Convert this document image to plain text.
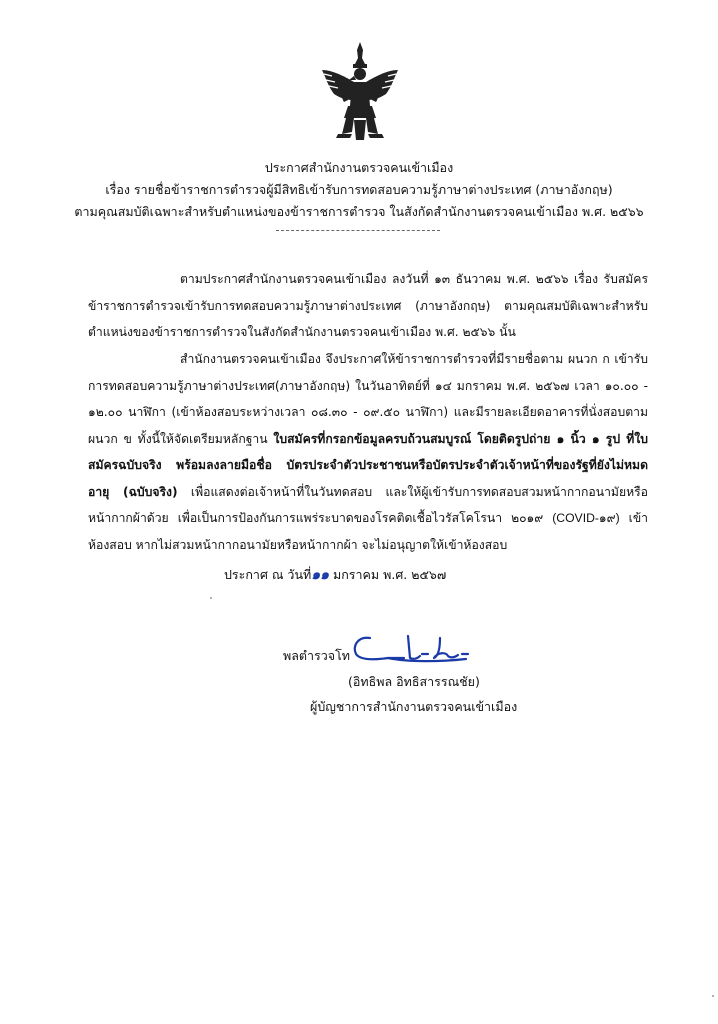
ประกาศสำนักงานตรวจคนเข้าเมือง
เรื่อง รายชื่อข้าราชการตำรวจผู้มีสิทธิเข้ารับการทดสอบความรู้ภาษาต่างประเทศ (ภาษาอังกฤษ)
ตามคุณสมบัติเฉพาะสำหรับตำแหน่งของข้าราชการตำรวจ ในสังกัดสำนักงานตรวจคนเข้าเมือง พ.ศ. ๒๕๖๖
ตามประกาศสำนักงานตรวจคนเข้าเมือง ลงวันที่ ๑๓ ธันวาคม พ.ศ. ๒๕๖๖ เรื่อง รับสมัครข้าราชการตำรวจเข้ารับการทดสอบความรู้ภาษาต่างประเทศ (ภาษาอังกฤษ) ตามคุณสมบัติเฉพาะสำหรับตำแหน่งของข้าราชการตำรวจในสังกัดสำนักงานตรวจคนเข้าเมือง พ.ศ. ๒๕๖๖ นั้น
สำนักงานตรวจคนเข้าเมือง จึงประกาศให้ข้าราชการตำรวจที่มีรายชื่อตาม ผนวก ก เข้ารับการทดสอบความรู้ภาษาต่างประเทศ(ภาษาอังกฤษ) ในวันอาทิตย์ที่ ๑๔ มกราคม พ.ศ. ๒๕๖๗ เวลา ๑๐.๐๐ - ๑๒.๐๐ นาฬิกา (เข้าห้องสอบระหว่างเวลา ๐๘.๓๐ - ๐๙.๕๐ นาฬิกา) และมีรายละเอียดอาคารที่นั่งสอบตามผนวก ข ทั้งนี้ให้จัดเตรียมหลักฐาน ใบสมัครที่กรอกข้อมูลครบถ้วนสมบูรณ์ โดยติดรูปถ่าย ๑ นิ้ว ๑ รูป ที่ใบสมัครฉบับจริง พร้อมลงลายมือชื่อ บัตรประจำตัวประชาชนหรือบัตรประจำตัวเจ้าหน้าที่ของรัฐที่ยังไม่หมดอายุ (ฉบับจริง) เพื่อแสดงต่อเจ้าหน้าที่ในวันทดสอบ และให้ผู้เข้ารับการทดสอบสวมหน้ากากอนามัยหรือหน้ากากผ้าด้วย เพื่อเป็นการป้องกันการแพร่ระบาดของโรคติดเชื้อไวรัสโคโรนา ๒๐๑๙ (COVID-๑๙) เข้าห้องสอบ หากไม่สวมหน้ากากอนามัยหรือหน้ากากผ้า จะไม่อนุญาตให้เข้าห้องสอบ
ประกาศ ณ วันที่๑๑ มกราคม พ.ศ. ๒๕๖๗
พลตำรวจโท
(อิทธิพล อิทธิสารรณชัย)
ผู้บัญชาการสำนักงานตรวจคนเข้าเมือง
